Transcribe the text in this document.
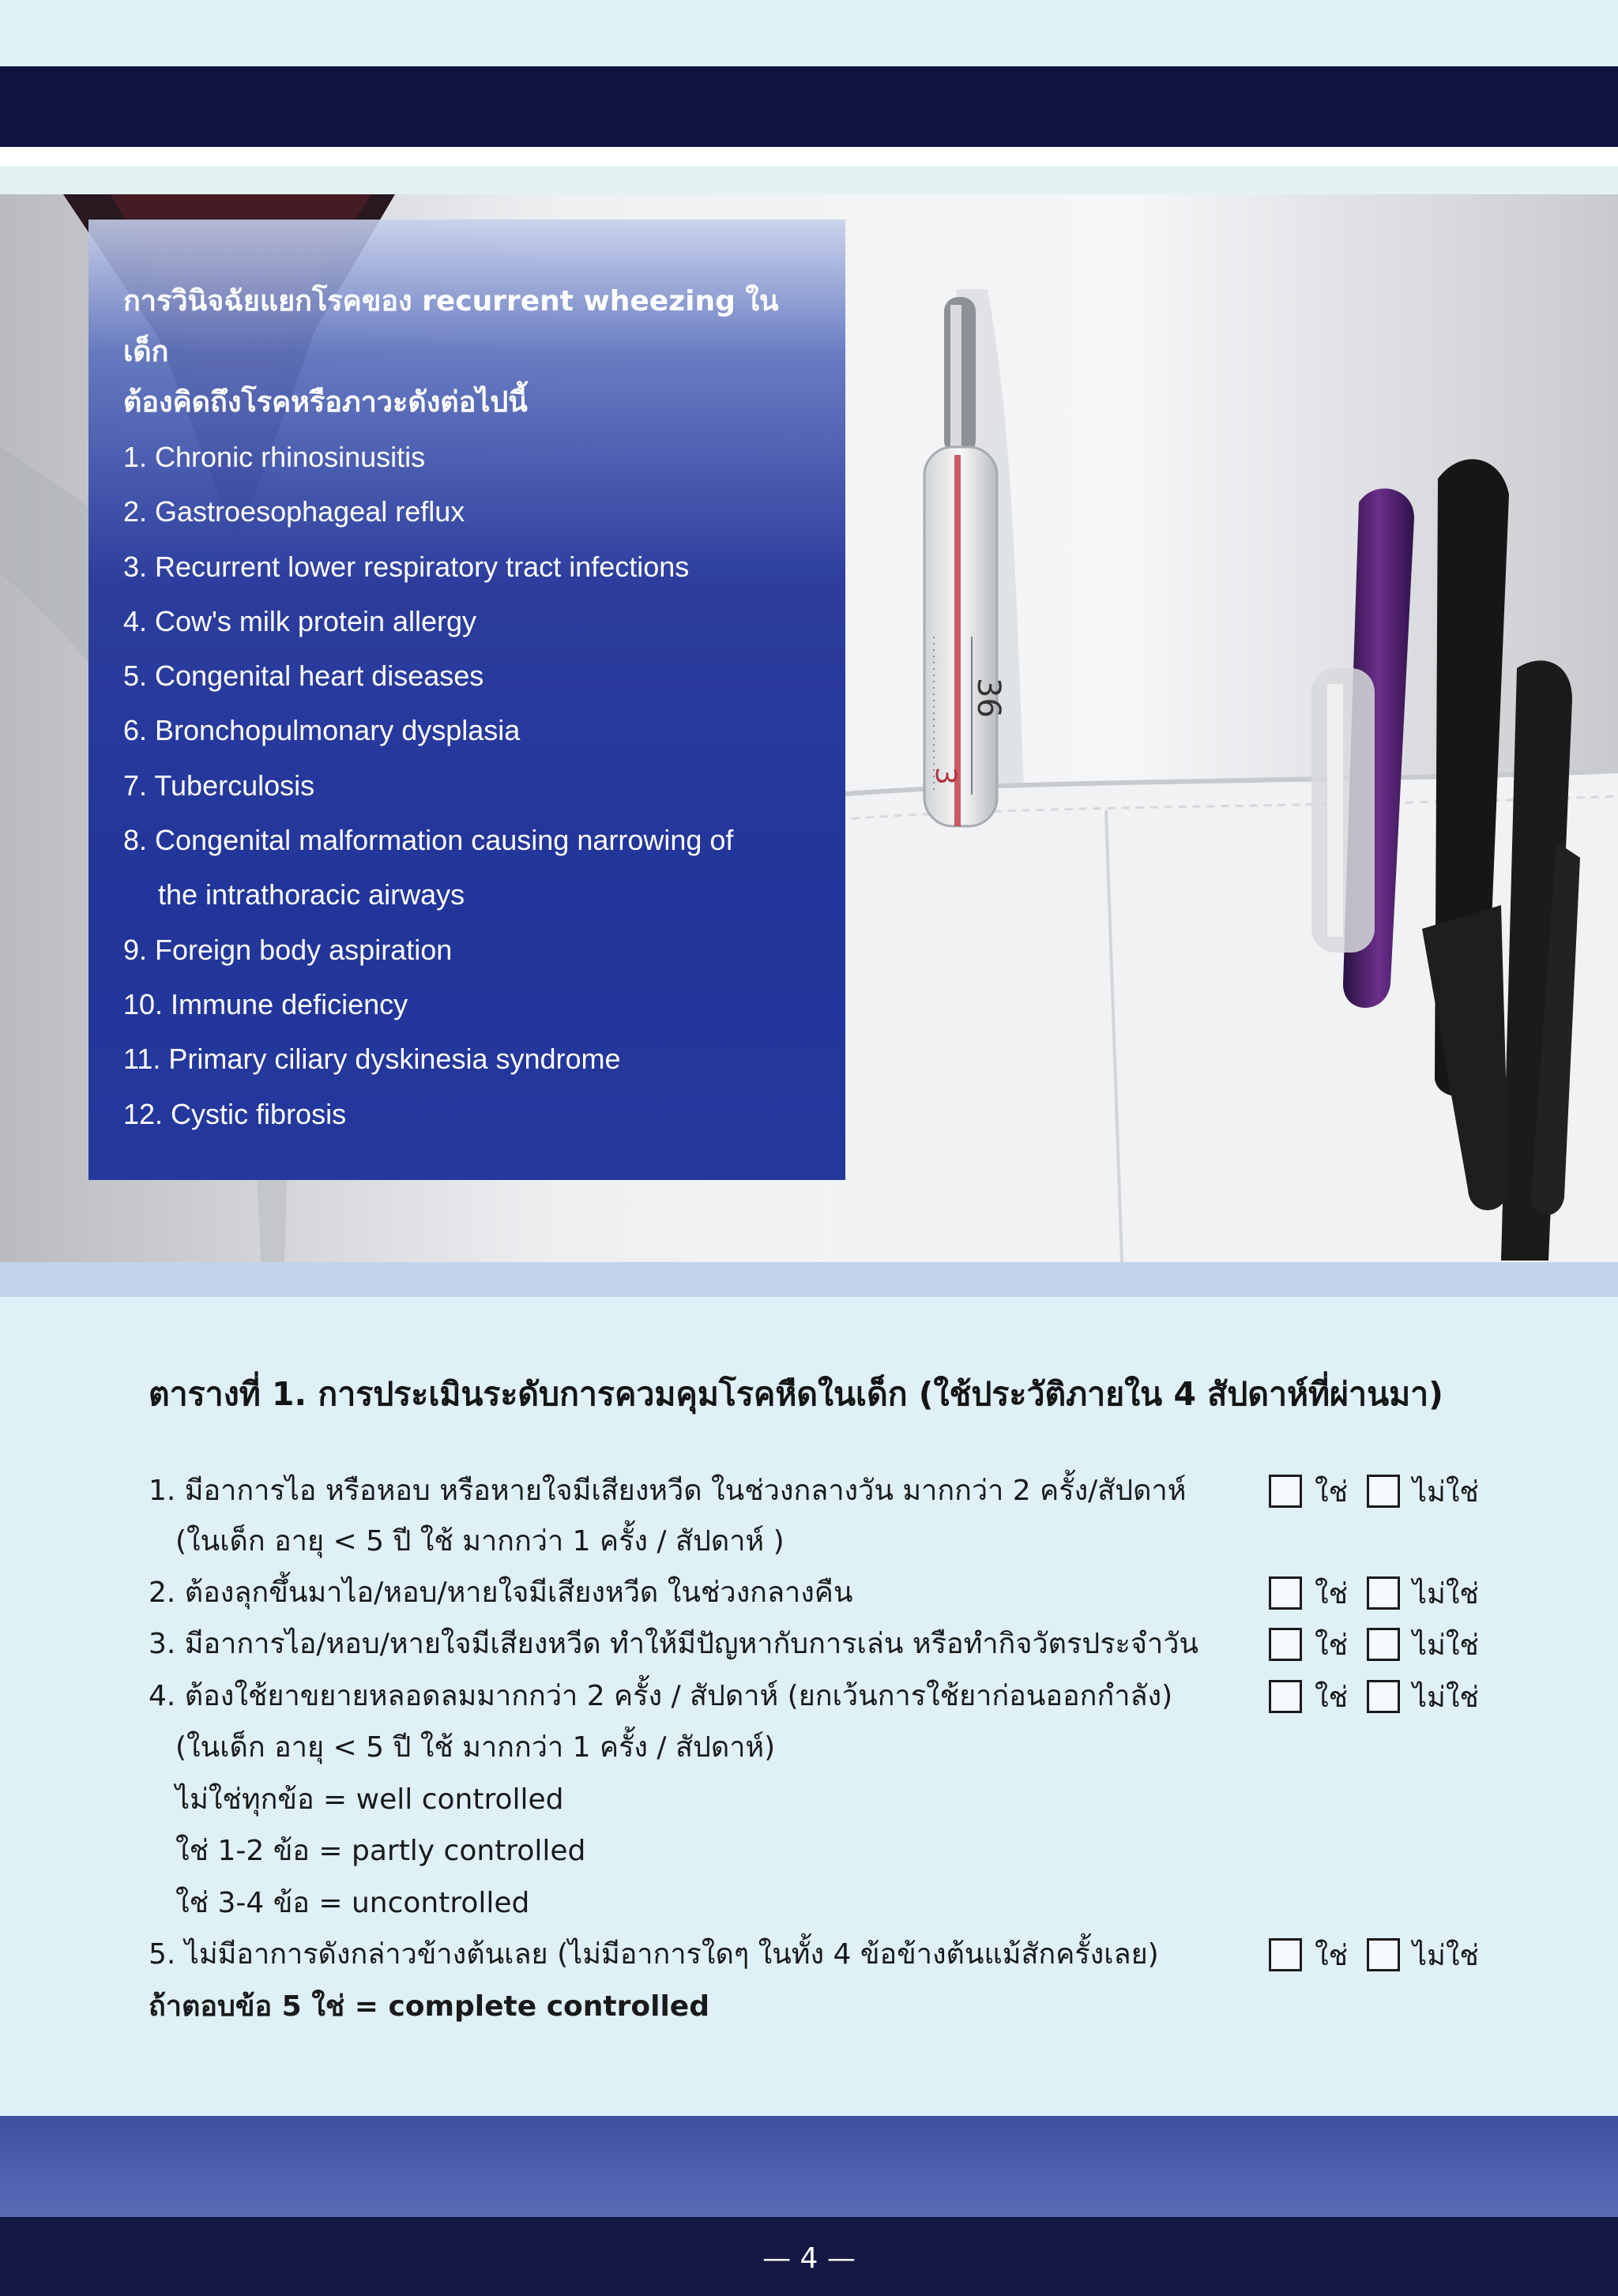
36
3
การวินิจฉัยแยกโรคของ recurrent wheezing ในเด็ก
ต้องคิดถึงโรคหรือภาวะดังต่อไปนี้
1. Chronic rhinosinusitis
2. Gastroesophageal reflux
3. Recurrent lower respiratory tract infections
4. Cow's milk protein allergy
5. Congenital heart diseases
6. Bronchopulmonary dysplasia
7. Tuberculosis
8. Congenital malformation causing narrowing of
the intrathoracic airways
9. Foreign body aspiration
10. Immune deficiency
11. Primary ciliary dyskinesia syndrome
12. Cystic fibrosis
ตารางที่ 1. การประเมินระดับการควมคุมโรคหืดในเด็ก (ใช้ประวัติภายใน 4 สัปดาห์ที่ผ่านมา)
1. มีอาการไอ หรือหอบ หรือหายใจมีเสียงหวีด ในช่วงกลางวัน มากกว่า 2 ครั้ง/สัปดาห์	ใช่ ไม่ใช่
(ในเด็ก อายุ < 5 ปี ใช้ มากกว่า 1 ครั้ง / สัปดาห์ )
2. ต้องลุกขึ้นมาไอ/หอบ/หายใจมีเสียงหวีด ในช่วงกลางคืน	ใช่ ไม่ใช่
3. มีอาการไอ/หอบ/หายใจมีเสียงหวีด ทำให้มีปัญหากับการเล่น หรือทำกิจวัตรประจำวัน	ใช่ ไม่ใช่
4. ต้องใช้ยาขยายหลอดลมมากกว่า 2 ครั้ง / สัปดาห์ (ยกเว้นการใช้ยาก่อนออกกำลัง)	ใช่ ไม่ใช่
(ในเด็ก อายุ < 5 ปี ใช้ มากกว่า 1 ครั้ง / สัปดาห์)
ไม่ใช่ทุกข้อ = well controlled
ใช่ 1-2 ข้อ = partly controlled
ใช่ 3-4 ข้อ = uncontrolled
5. ไม่มีอาการดังกล่าวข้างต้นเลย (ไม่มีอาการใดๆ ในทั้ง 4 ข้อข้างต้นแม้สักครั้งเลย)	ใช่ ไม่ใช่
ถ้าตอบข้อ 5 ใช่ = complete controlled
— 4 —
